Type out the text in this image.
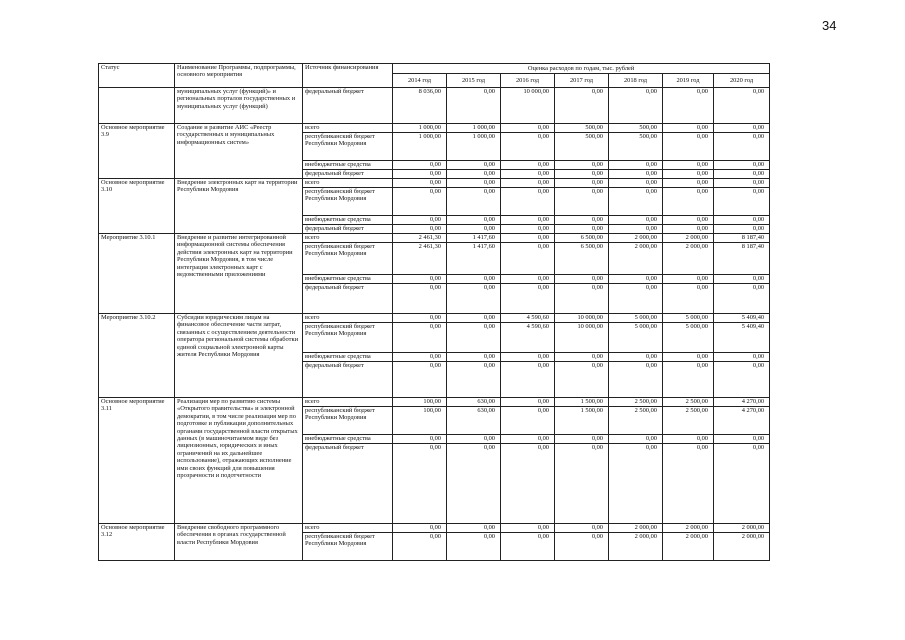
34
Статус	Наименование Программы, подпрограммы, основного мероприятия	Источник финансирования	Оценка расходов по годам, тыс. рублей						
			2014 год	2015 год	2016 год	2017 год	2018 год	2019 год	2020 год
	муниципальных услуг (функций)» и региональных порталов государственных и муниципальных услуг (функций)	федеральный бюджет	8 036,00	0,00	10 000,00	0,00	0,00	0,00	0,00
Основное мероприятие 3.9	Создание и развитие АИС «Реестр государственных и муниципальных информационных систем»	всего	1 000,00	1 000,00	0,00	500,00	500,00	0,00	0,00
		республиканский бюджет Республики Мордовия	1 000,00	1 000,00	0,00	500,00	500,00	0,00	0,00
		внебюджетные средства	0,00	0,00	0,00	0,00	0,00	0,00	0,00
		федеральный бюджет	0,00	0,00	0,00	0,00	0,00	0,00	0,00
Основное мероприятие 3.10	Внедрение электронных карт на территории Республики Мордовия	всего	0,00	0,00	0,00	0,00	0,00	0,00	0,00
		республиканский бюджет Республики Мордовия	0,00	0,00	0,00	0,00	0,00	0,00	0,00
		внебюджетные средства	0,00	0,00	0,00	0,00	0,00	0,00	0,00
		федеральный бюджет	0,00	0,00	0,00	0,00	0,00	0,00	0,00
Мероприятие 3.10.1	Внедрение и развитие интегрированной информационной системы обеспечения действия электронных карт на территории Республики Мордовия, в том числе интеграция электронных карт с ведомственными приложениями	всего	2 461,30	1 417,60	0,00	6 500,00	2 000,00	2 000,00	8 187,40
		республиканский бюджет Республики Мордовия	2 461,30	1 417,60	0,00	6 500,00	2 000,00	2 000,00	8 187,40
		внебюджетные средства	0,00	0,00	0,00	0,00	0,00	0,00	0,00
		федеральный бюджет	0,00	0,00	0,00	0,00	0,00	0,00	0,00
Мероприятие 3.10.2	Субсидии юридическим лицам на финансовое обеспечение части затрат, связанных с осуществлением деятельности оператора региональной системы обработки единой социальной электронной карты жителя Республики Мордовия	всего	0,00	0,00	4 590,60	10 000,00	5 000,00	5 000,00	5 409,40
		республиканский бюджет Республики Мордовия	0,00	0,00	4 590,60	10 000,00	5 000,00	5 000,00	5 409,40
		внебюджетные средства	0,00	0,00	0,00	0,00	0,00	0,00	0,00
		федеральный бюджет	0,00	0,00	0,00	0,00	0,00	0,00	0,00
Основное мероприятие 3.11	Реализация мер по развитию системы «Открытого правительства» и электронной демократии, в том числе реализация мер по подготовке и публикации дополнительных органами государственной власти открытых данных (в машиночитаемом виде без лицензионных, юридических и иных ограничений на их дальнейшее использование), отражающих исполнение ими своих функций для повышения прозрачности и подотчетности	всего	100,00	630,00	0,00	1 500,00	2 500,00	2 500,00	4 270,00
		республиканский бюджет Республики Мордовия	100,00	630,00	0,00	1 500,00	2 500,00	2 500,00	4 270,00
		внебюджетные средства	0,00	0,00	0,00	0,00	0,00	0,00	0,00
		федеральный бюджет	0,00	0,00	0,00	0,00	0,00	0,00	0,00
Основное мероприятие 3.12	Внедрение свободного программного обеспечения в органах государственной власти Республики Мордовия	всего	0,00	0,00	0,00	0,00	2 000,00	2 000,00	2 000,00
		республиканский бюджет Республики Мордовия	0,00	0,00	0,00	0,00	2 000,00	2 000,00	2 000,00
